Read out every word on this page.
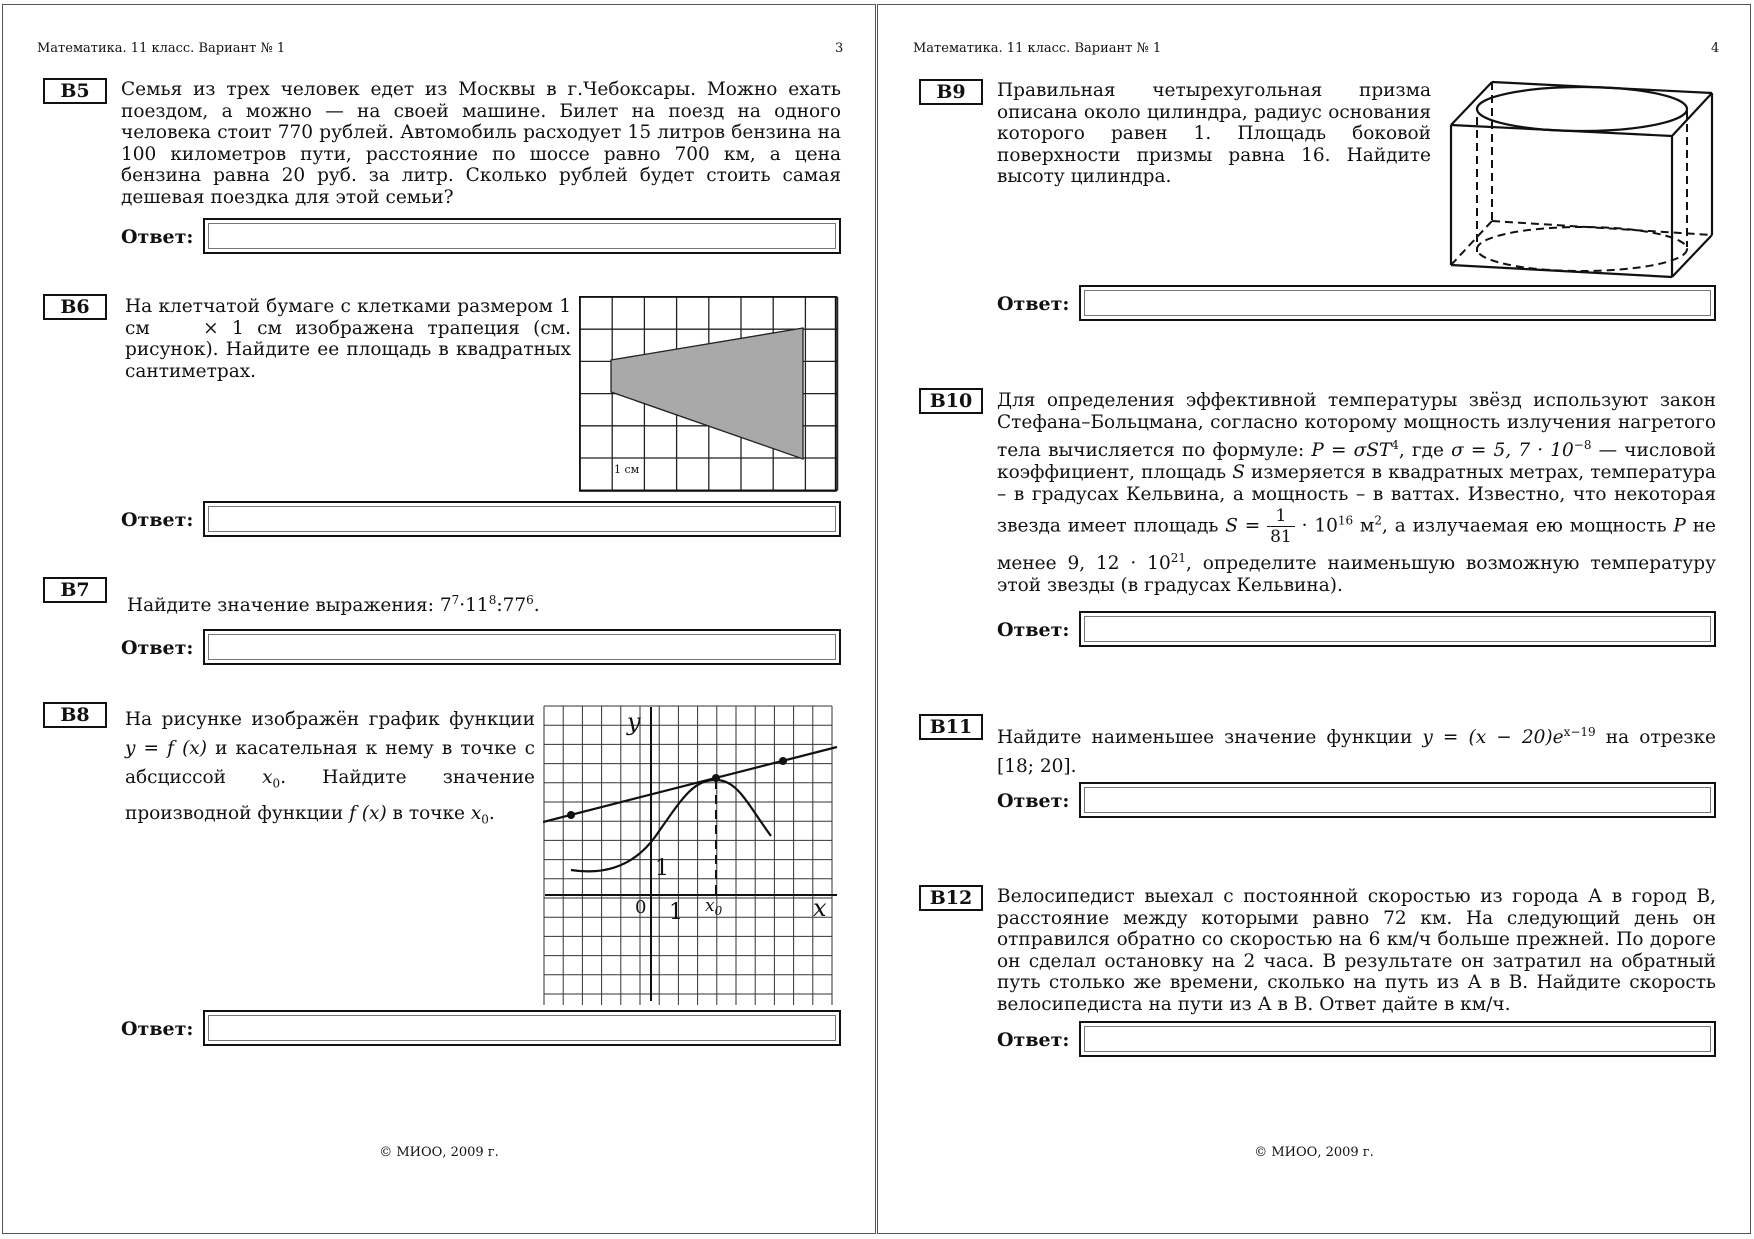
Математика. 11 класс. Вариант № 1	3
B5	Семья из трех человек едет из Москвы в г.Чебоксары. Можно ехать поездом, а можно — на своей машине. Билет на поезд на одного человека стоит 770 рублей. Автомобиль расходует 15 литров бензина на 100 километров пути, расстояние по шоссе равно 700 км, а цена бензина равна 20 руб. за литр. Сколько рублей будет стоить самая дешевая поездка для этой семьи?
Ответ:
B6	На клетчатой бумаге с клетками размером 1 см	× 1 см изображена трапеция (см. рисунок). Найдите ее площадь в квадратных сантиметрах.
1 см
Ответ:
B7
Найдите значение выражения: $7^7\cdot 11^8:77^6$.
Ответ:
B8	На рисунке изображён график функции y = f (x) и касательная к нему в точке с абсциссой $x_0$. Найдите значение производной функции f (x) в точке $x_0$.
y
x
0 1
1
$x_0$
Ответ:
© МИОО, 2009 г.
Математика. 11 класс. Вариант № 1	4
B9	Правильная четырехугольная призма описана около цилиндра, радиус основания которого равен 1. Площадь боковой поверхности призмы равна 16. Найдите высоту цилиндра.
Ответ:
B10	Для определения эффективной температуры звёзд используют закон Стефана–Больцмана, согласно которому мощность излучения нагретого тела вычисляется по формуле: P = σST$^4$, где σ = 5, $7 \cdot 10^{-8}$ — числовой коэффициент, площадь S измеряется в квадратных метрах, температура – в градусах Кельвина, а мощность – в ваттах. Известно, что некоторая звезда имеет площадь $S = \frac{1}{81} \cdot 10^{16}$ $м^2$, а излучаемая ею мощность P не менее 9, $12 \cdot 10^{21}$, определите наименьшую возможную температуру этой звезды (в градусах Кельвина).
Ответ:
B11	Найдите наименьшее значение функции $y = (x - 20)e^{x-19}$ на отрезке [18; 20].
Ответ:
B12	Велосипедист выехал с постоянной скоростью из города А в город В, расстояние между которыми равно 72 км. На следующий день он отправился обратно со скоростью на 6 км/ч больше прежней. По дороге он сделал остановку на 2 часа. В результате он затратил на обратный путь столько же времени, сколько на путь из А в В. Найдите скорость велосипедиста на пути из А в В. Ответ дайте в км/ч.
Ответ:
© МИОО, 2009 г.
